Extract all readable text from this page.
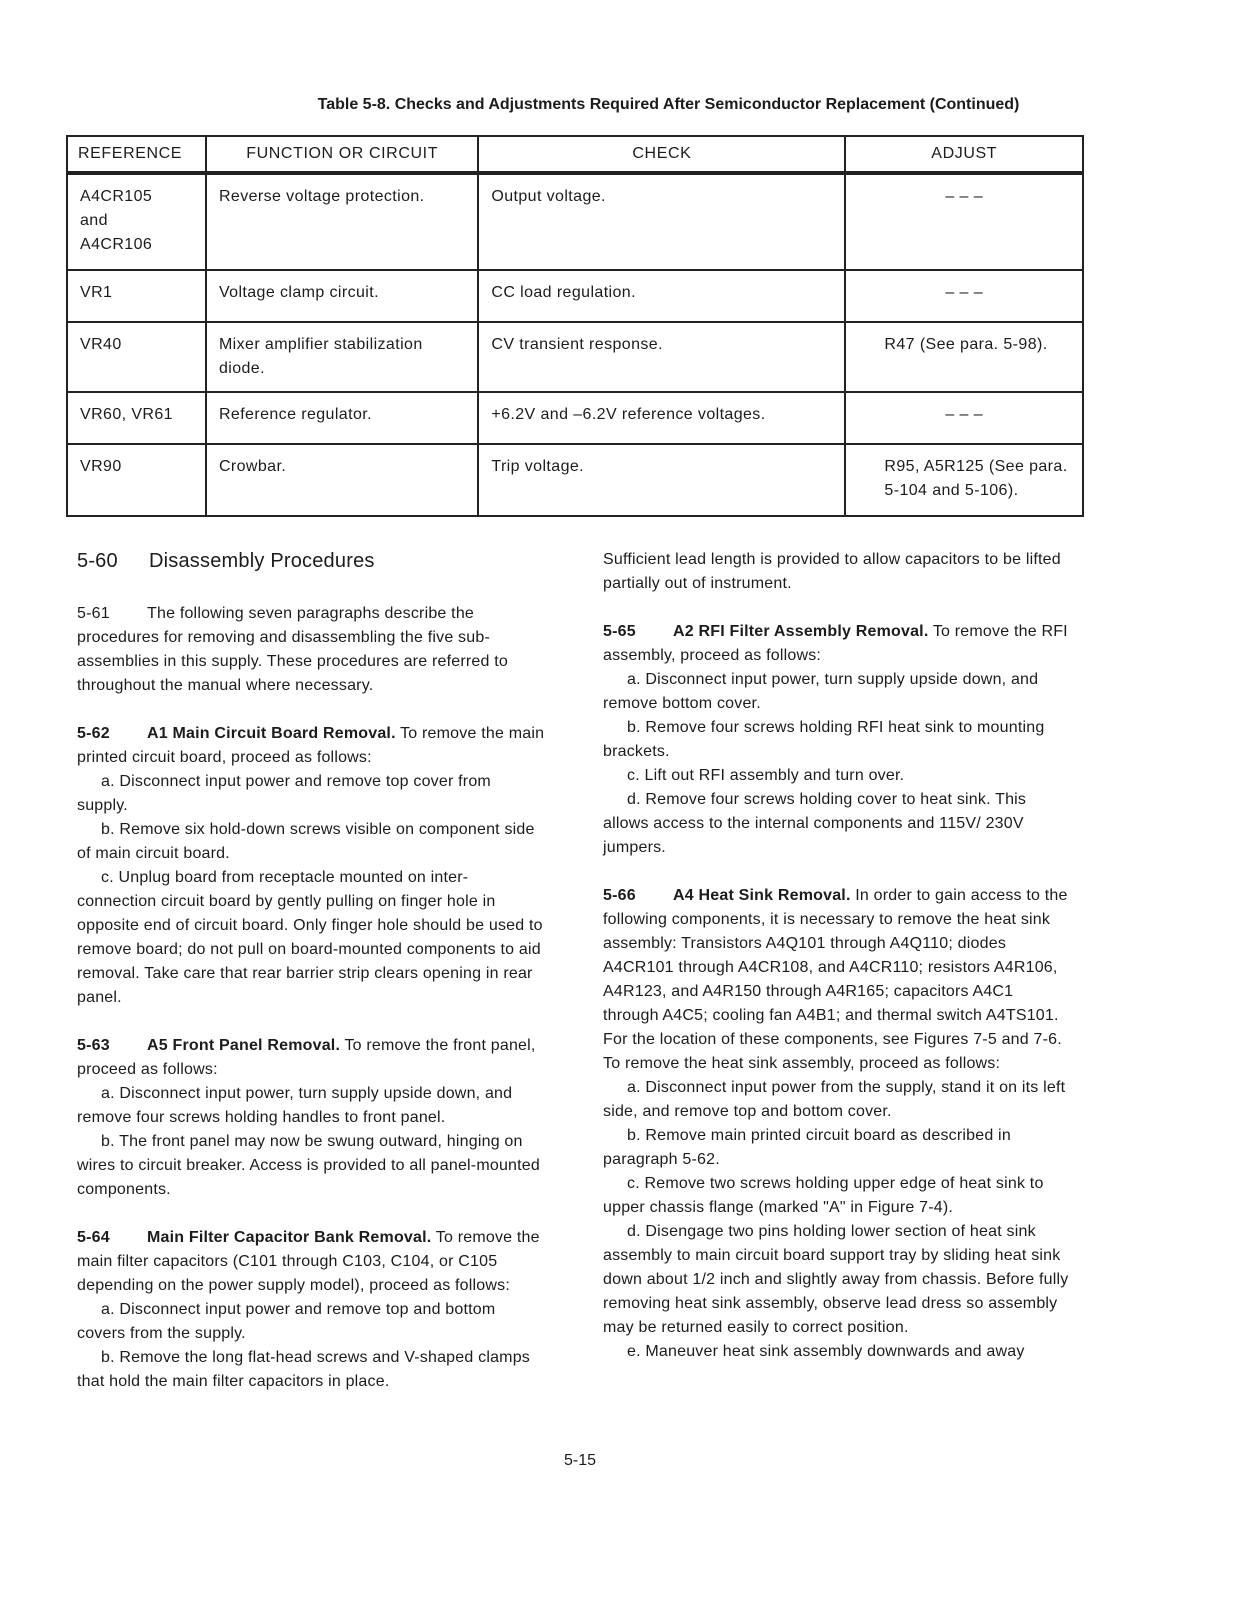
Table 5-8. Checks and Adjustments Required After Semiconductor Replacement (Continued)
REFERENCE	FUNCTION OR CIRCUIT	CHECK	ADJUST

A4CR105
and
A4CR106	Reverse voltage protection.	Output voltage.	– – –
VR1	Voltage clamp circuit.	CC load regulation.	– – –
VR40	Mixer amplifier stabilization diode.	CV transient response.	R47 (See para. 5-98).
VR60, VR61	Reference regulator.	+6.2V and –6.2V reference voltages.	– – –
VR90	Crowbar.	Trip voltage.	R95, A5R125 (See para. 5-104 and 5-106).
5-60 Disassembly Procedures

5-61 The following seven paragraphs describe the procedures for removing and disassembling the five sub-assemblies in this supply. These procedures are referred to throughout the manual where necessary.

5-62 A1 Main Circuit Board Removal. To remove the main printed circuit board, proceed as follows:

a. Disconnect input power and remove top cover from supply.

b. Remove six hold-down screws visible on component side of main circuit board.

c. Unplug board from receptacle mounted on inter-connection circuit board by gently pulling on finger hole in opposite end of circuit board. Only finger hole should be used to remove board; do not pull on board-mounted components to aid removal. Take care that rear barrier strip clears opening in rear panel.

5-63 A5 Front Panel Removal. To remove the front panel, proceed as follows:

a. Disconnect input power, turn supply upside down, and remove four screws holding handles to front panel.

b. The front panel may now be swung outward, hinging on wires to circuit breaker. Access is provided to all panel-mounted components.

5-64 Main Filter Capacitor Bank Removal. To remove the main filter capacitors (C101 through C103, C104, or C105 depending on the power supply model), proceed as follows:

a. Disconnect input power and remove top and bottom covers from the supply.

b. Remove the long flat-head screws and V-shaped clamps that hold the main filter capacitors in place.

Sufficient lead length is provided to allow capacitors to be lifted partially out of instrument.

5-65 A2 RFI Filter Assembly Removal. To remove the RFI assembly, proceed as follows:

a. Disconnect input power, turn supply upside down, and remove bottom cover.

b. Remove four screws holding RFI heat sink to mounting brackets.

c. Lift out RFI assembly and turn over.

d. Remove four screws holding cover to heat sink. This allows access to the internal components and 115V/ 230V jumpers.

5-66 A4 Heat Sink Removal. In order to gain access to the following components, it is necessary to remove the heat sink assembly: Transistors A4Q101 through A4Q110; diodes A4CR101 through A4CR108, and A4CR110; resistors A4R106, A4R123, and A4R150 through A4R165; capacitors A4C1 through A4C5; cooling fan A4B1; and thermal switch A4TS101. For the location of these components, see Figures 7-5 and 7-6. To remove the heat sink assembly, proceed as follows:

a. Disconnect input power from the supply, stand it on its left side, and remove top and bottom cover.

b. Remove main printed circuit board as described in paragraph 5-62.

c. Remove two screws holding upper edge of heat sink to upper chassis flange (marked "A" in Figure 7-4).

d. Disengage two pins holding lower section of heat sink assembly to main circuit board support tray by sliding heat sink down about 1/2 inch and slightly away from chassis. Before fully removing heat sink assembly, observe lead dress so assembly may be returned easily to correct position.

e. Maneuver heat sink assembly downwards and away

5-15
